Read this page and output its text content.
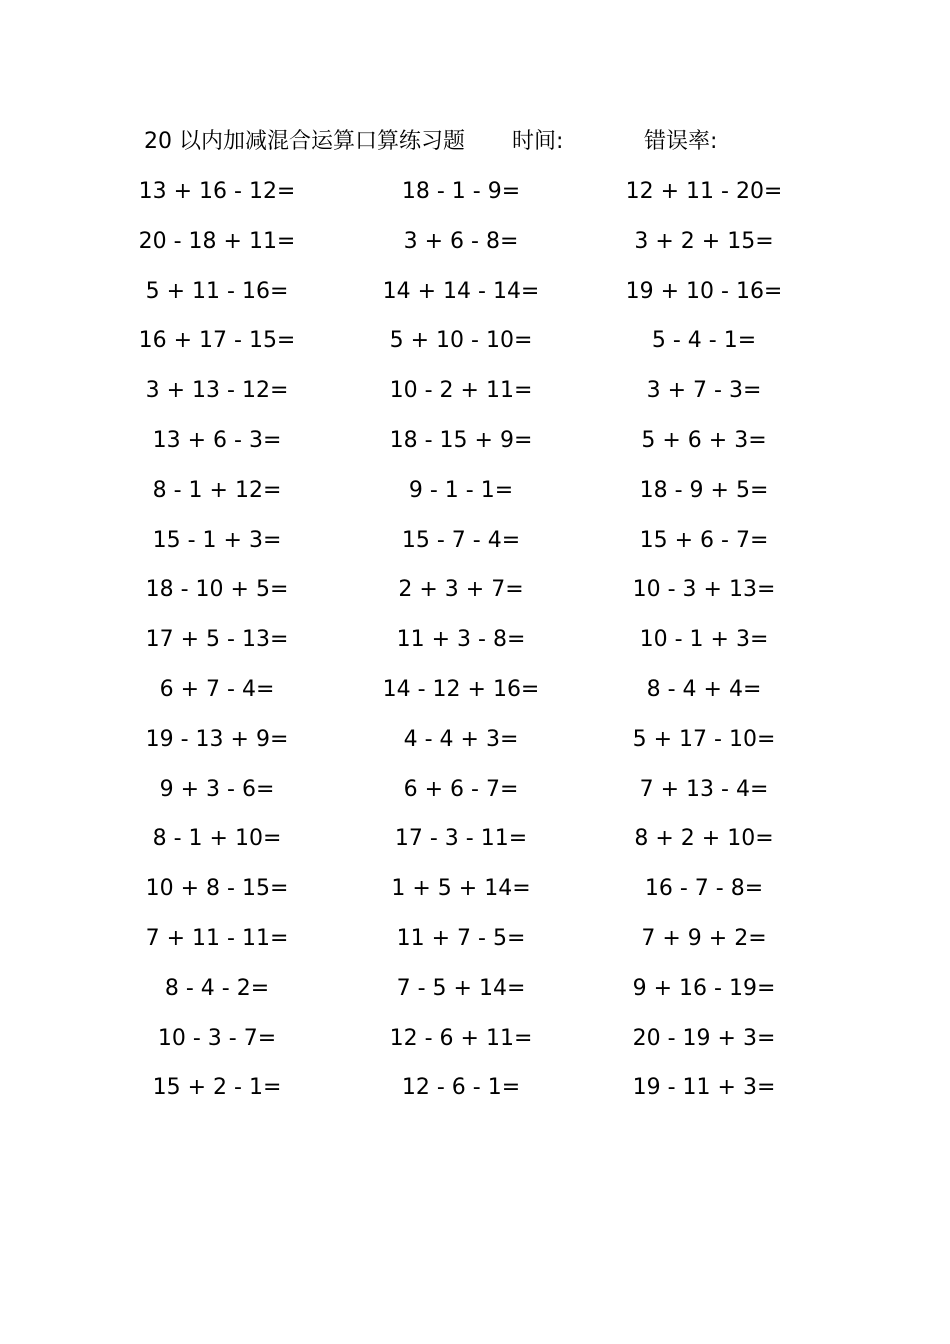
20 以内加减混合运算口算练习题 时间:	错误率:
13 + 16 - 12=	18 - 1 - 9=	12 + 11 - 20=
20 - 18 + 11=	3 + 6 - 8=	3 + 2 + 15=
5 + 11 - 16=	14 + 14 - 14=	19 + 10 - 16=
16 + 17 - 15=	5 + 10 - 10=	5 - 4 - 1=
3 + 13 - 12=	10 - 2 + 11=	3 + 7 - 3=
13 + 6 - 3=	18 - 15 + 9=	5 + 6 + 3=
8 - 1 + 12=	9 - 1 - 1=	18 - 9 + 5=
15 - 1 + 3=	15 - 7 - 4=	15 + 6 - 7=
18 - 10 + 5=	2 + 3 + 7=	10 - 3 + 13=
17 + 5 - 13=	11 + 3 - 8=	10 - 1 + 3=
6 + 7 - 4=	14 - 12 + 16=	8 - 4 + 4=
19 - 13 + 9=	4 - 4 + 3=	5 + 17 - 10=
9 + 3 - 6=	6 + 6 - 7=	7 + 13 - 4=
8 - 1 + 10=	17 - 3 - 11=	8 + 2 + 10=
10 + 8 - 15=	1 + 5 + 14=	16 - 7 - 8=
7 + 11 - 11=	11 + 7 - 5=	7 + 9 + 2=
8 - 4 - 2=	7 - 5 + 14=	9 + 16 - 19=
10 - 3 - 7=	12 - 6 + 11=	20 - 19 + 3=
15 + 2 - 1=	12 - 6 - 1=	19 - 11 + 3=
